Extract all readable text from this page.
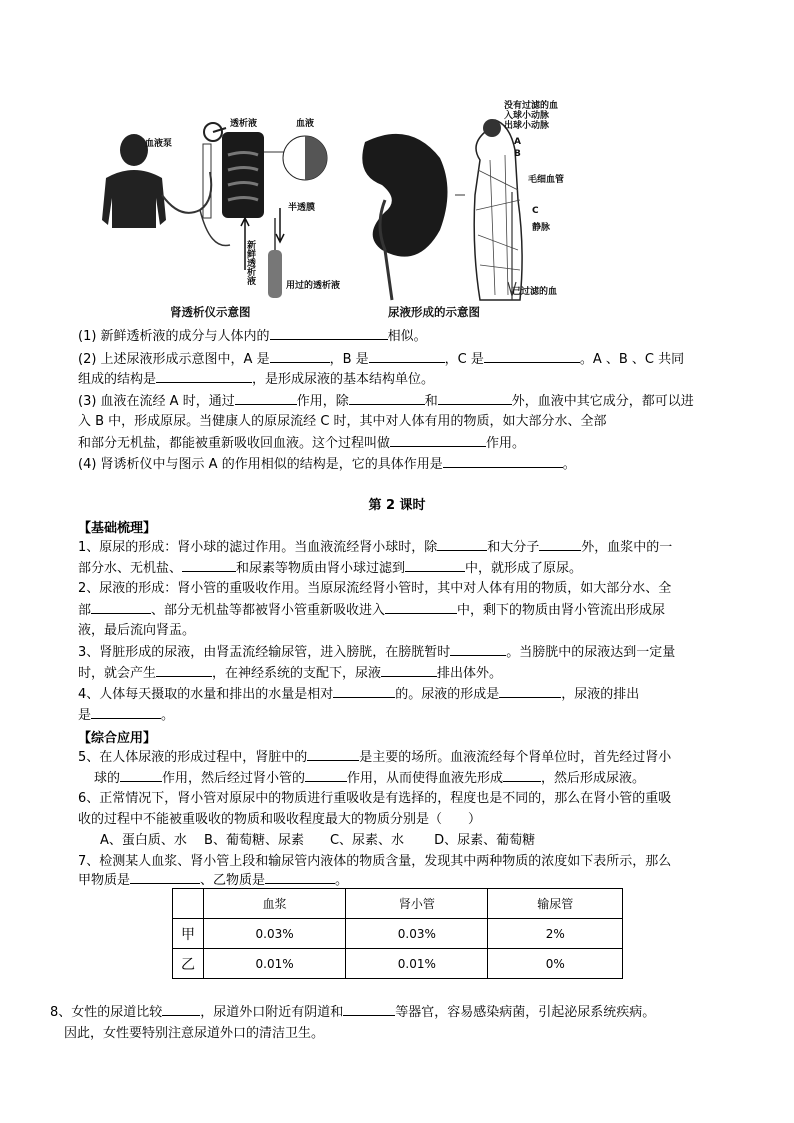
血液泵
透析液	血液
半透膜
新鲜透析液
用过的透析液
肾透析仪示意图
没有过滤的血
入球小动脉
出球小动脉
A
B
毛细血管
C
静脉
已过滤的血
尿液形成的示意图
(1) 新鲜透析液的成分与人体内的	相似。
(2) 上述尿液形成示意图中，A 是	，B 是	，C 是	。A 、B 、C 共同
组成的结构是	，是形成尿液的基本结构单位。
(3) 血液在流经 A 时，通过	作用，除	和	外，血液中其它成分，都可以进
入 B 中，形成原尿。当健康人的原尿流经 C 时，其中对人体有用的物质，如大部分水、全部
和部分无机盐，都能被重新吸收回血液。这个过程叫做	作用。
(4) 肾诱析仪中与图示 A 的作用相似的结构是，它的具体作用是	。
第 2 课时
【基础梳理】
1、原尿的形成：肾小球的滤过作用。当血液流经肾小球时，除	和大分子	外，血浆中的一
部分水、无机盐、	和尿素等物质由肾小球过滤到	中，就形成了原尿。
2、尿液的形成：肾小管的重吸收作用。当原尿流经肾小管时，其中对人体有用的物质，如大部分水、全
部	、部分无机盐等都被肾小管重新吸收进入	中，剩下的物质由肾小管流出形成尿
液，最后流向肾盂。
3、肾脏形成的尿液，由肾盂流经输尿管，进入膀胱，在膀胱暂时	。当膀胱中的尿液达到一定量
时，就会产生	，在神经系统的支配下，尿液	排出体外。
4、人体每天摄取的水量和排出的水量是相对	的。尿液的形成是	，尿液的排出
是	。
【综合应用】
5、在人体尿液的形成过程中，肾脏中的	是主要的场所。血液流经每个肾单位时，首先经过肾小
球的	作用，然后经过肾小管的	作用，从而使得血液先形成	，然后形成尿液。
6、正常情况下，肾小管对原尿中的物质进行重吸收是有选择的，程度也是不同的，那么在肾小管的重吸
收的过程中不能被重吸收的物质和吸收程度最大的物质分别是（　　）
A、蛋白质、水　 B、葡萄糖、尿素　　C、尿素、水　　 D、尿素、葡萄糖
7、检测某人血浆、肾小管上段和输尿管内液体的物质含量，发现其中两种物质的浓度如下表所示，那么
甲物质是	、乙物质是	。
	血浆	肾小管	输尿管
甲	0.03%	0.03%	2%
乙	0.01%	0.01%	0%
8、女性的尿道比较	，尿道外口附近有阴道和	等器官，容易感染病菌，引起泌尿系统疾病。
因此，女性要特别注意尿道外口的清洁卫生。
